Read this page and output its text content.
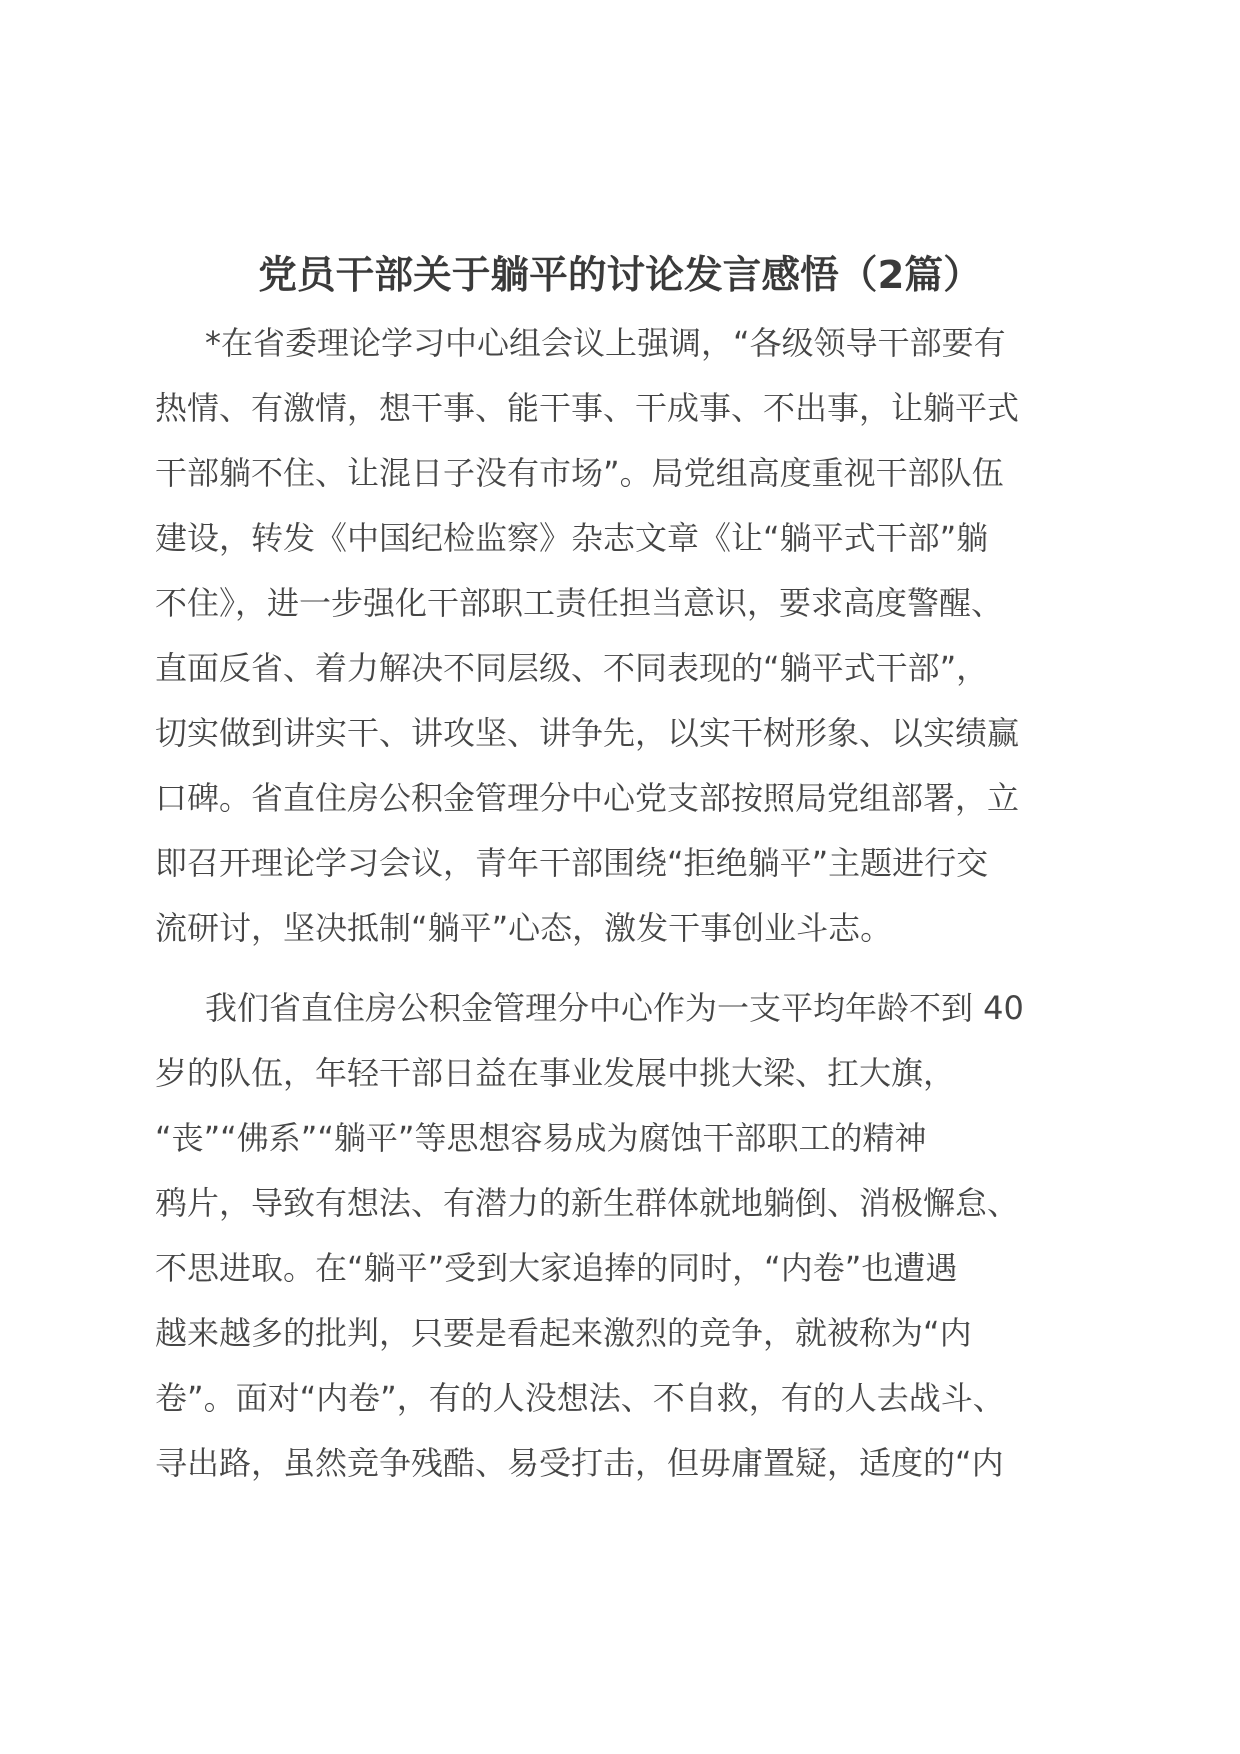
党员干部关于躺平的讨论发言感悟（2篇）

*在省委理论学习中心组会议上强调，“各级领导干部要有

热情、有激情，想干事、能干事、干成事、不出事，让躺平式

干部躺不住、让混日子没有市场”。局党组高度重视干部队伍

建设，转发《中国纪检监察》杂志文章《让“躺平式干部”躺

不住》，进一步强化干部职工责任担当意识，要求高度警醒、

直面反省、着力解决不同层级、不同表现的“躺平式干部”，

切实做到讲实干、讲攻坚、讲争先，以实干树形象、以实绩赢

口碑。省直住房公积金管理分中心党支部按照局党组部署，立

即召开理论学习会议，青年干部围绕“拒绝躺平”主题进行交

流研讨，坚决抵制“躺平”心态，激发干事创业斗志。

我们省直住房公积金管理分中心作为一支平均年龄不到 40

岁的队伍，年轻干部日益在事业发展中挑大梁、扛大旗，

“丧”“佛系”“躺平”等思想容易成为腐蚀干部职工的精神

鸦片，导致有想法、有潜力的新生群体就地躺倒、消极懈怠、

不思进取。在“躺平”受到大家追捧的同时，“内卷”也遭遇

越来越多的批判，只要是看起来激烈的竞争，就被称为“内

卷”。面对“内卷”，有的人没想法、不自救，有的人去战斗、

寻出路，虽然竞争残酷、易受打击，但毋庸置疑，适度的“内
